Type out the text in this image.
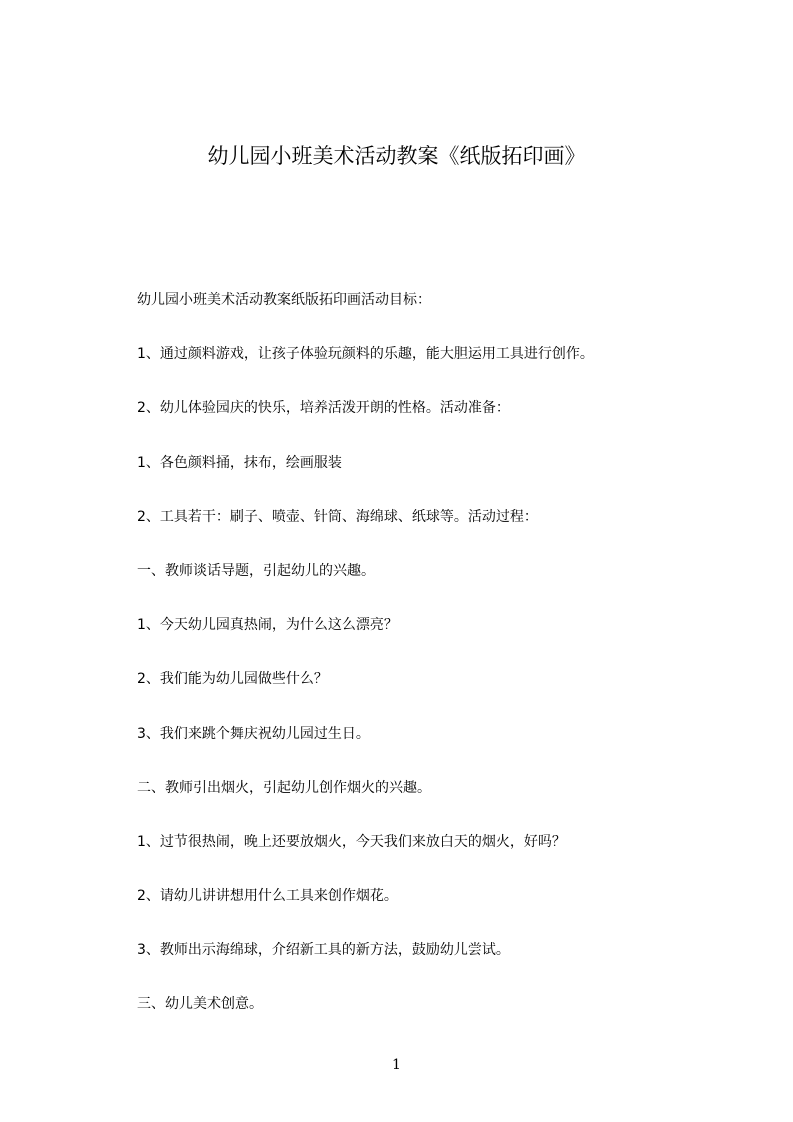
幼儿园小班美术活动教案《纸版拓印画》
幼儿园小班美术活动教案纸版拓印画活动目标：
1、通过颜料游戏，让孩子体验玩颜料的乐趣，能大胆运用工具进行创作。
2、幼儿体验园庆的快乐，培养活泼开朗的性格。活动准备：
1、各色颜料捅，抹布，绘画服装
2、工具若干：刷子、喷壶、针筒、海绵球、纸球等。活动过程：
一、教师谈话导题，引起幼儿的兴趣。
1、今天幼儿园真热闹，为什么这么漂亮？
2、我们能为幼儿园做些什么？
3、我们来跳个舞庆祝幼儿园过生日。
二、教师引出烟火，引起幼儿创作烟火的兴趣。
1、过节很热闹，晚上还要放烟火，今天我们来放白天的烟火，好吗？
2、请幼儿讲讲想用什么工具来创作烟花。
3、教师出示海绵球，介绍新工具的新方法，鼓励幼儿尝试。
三、幼儿美术创意。
1
